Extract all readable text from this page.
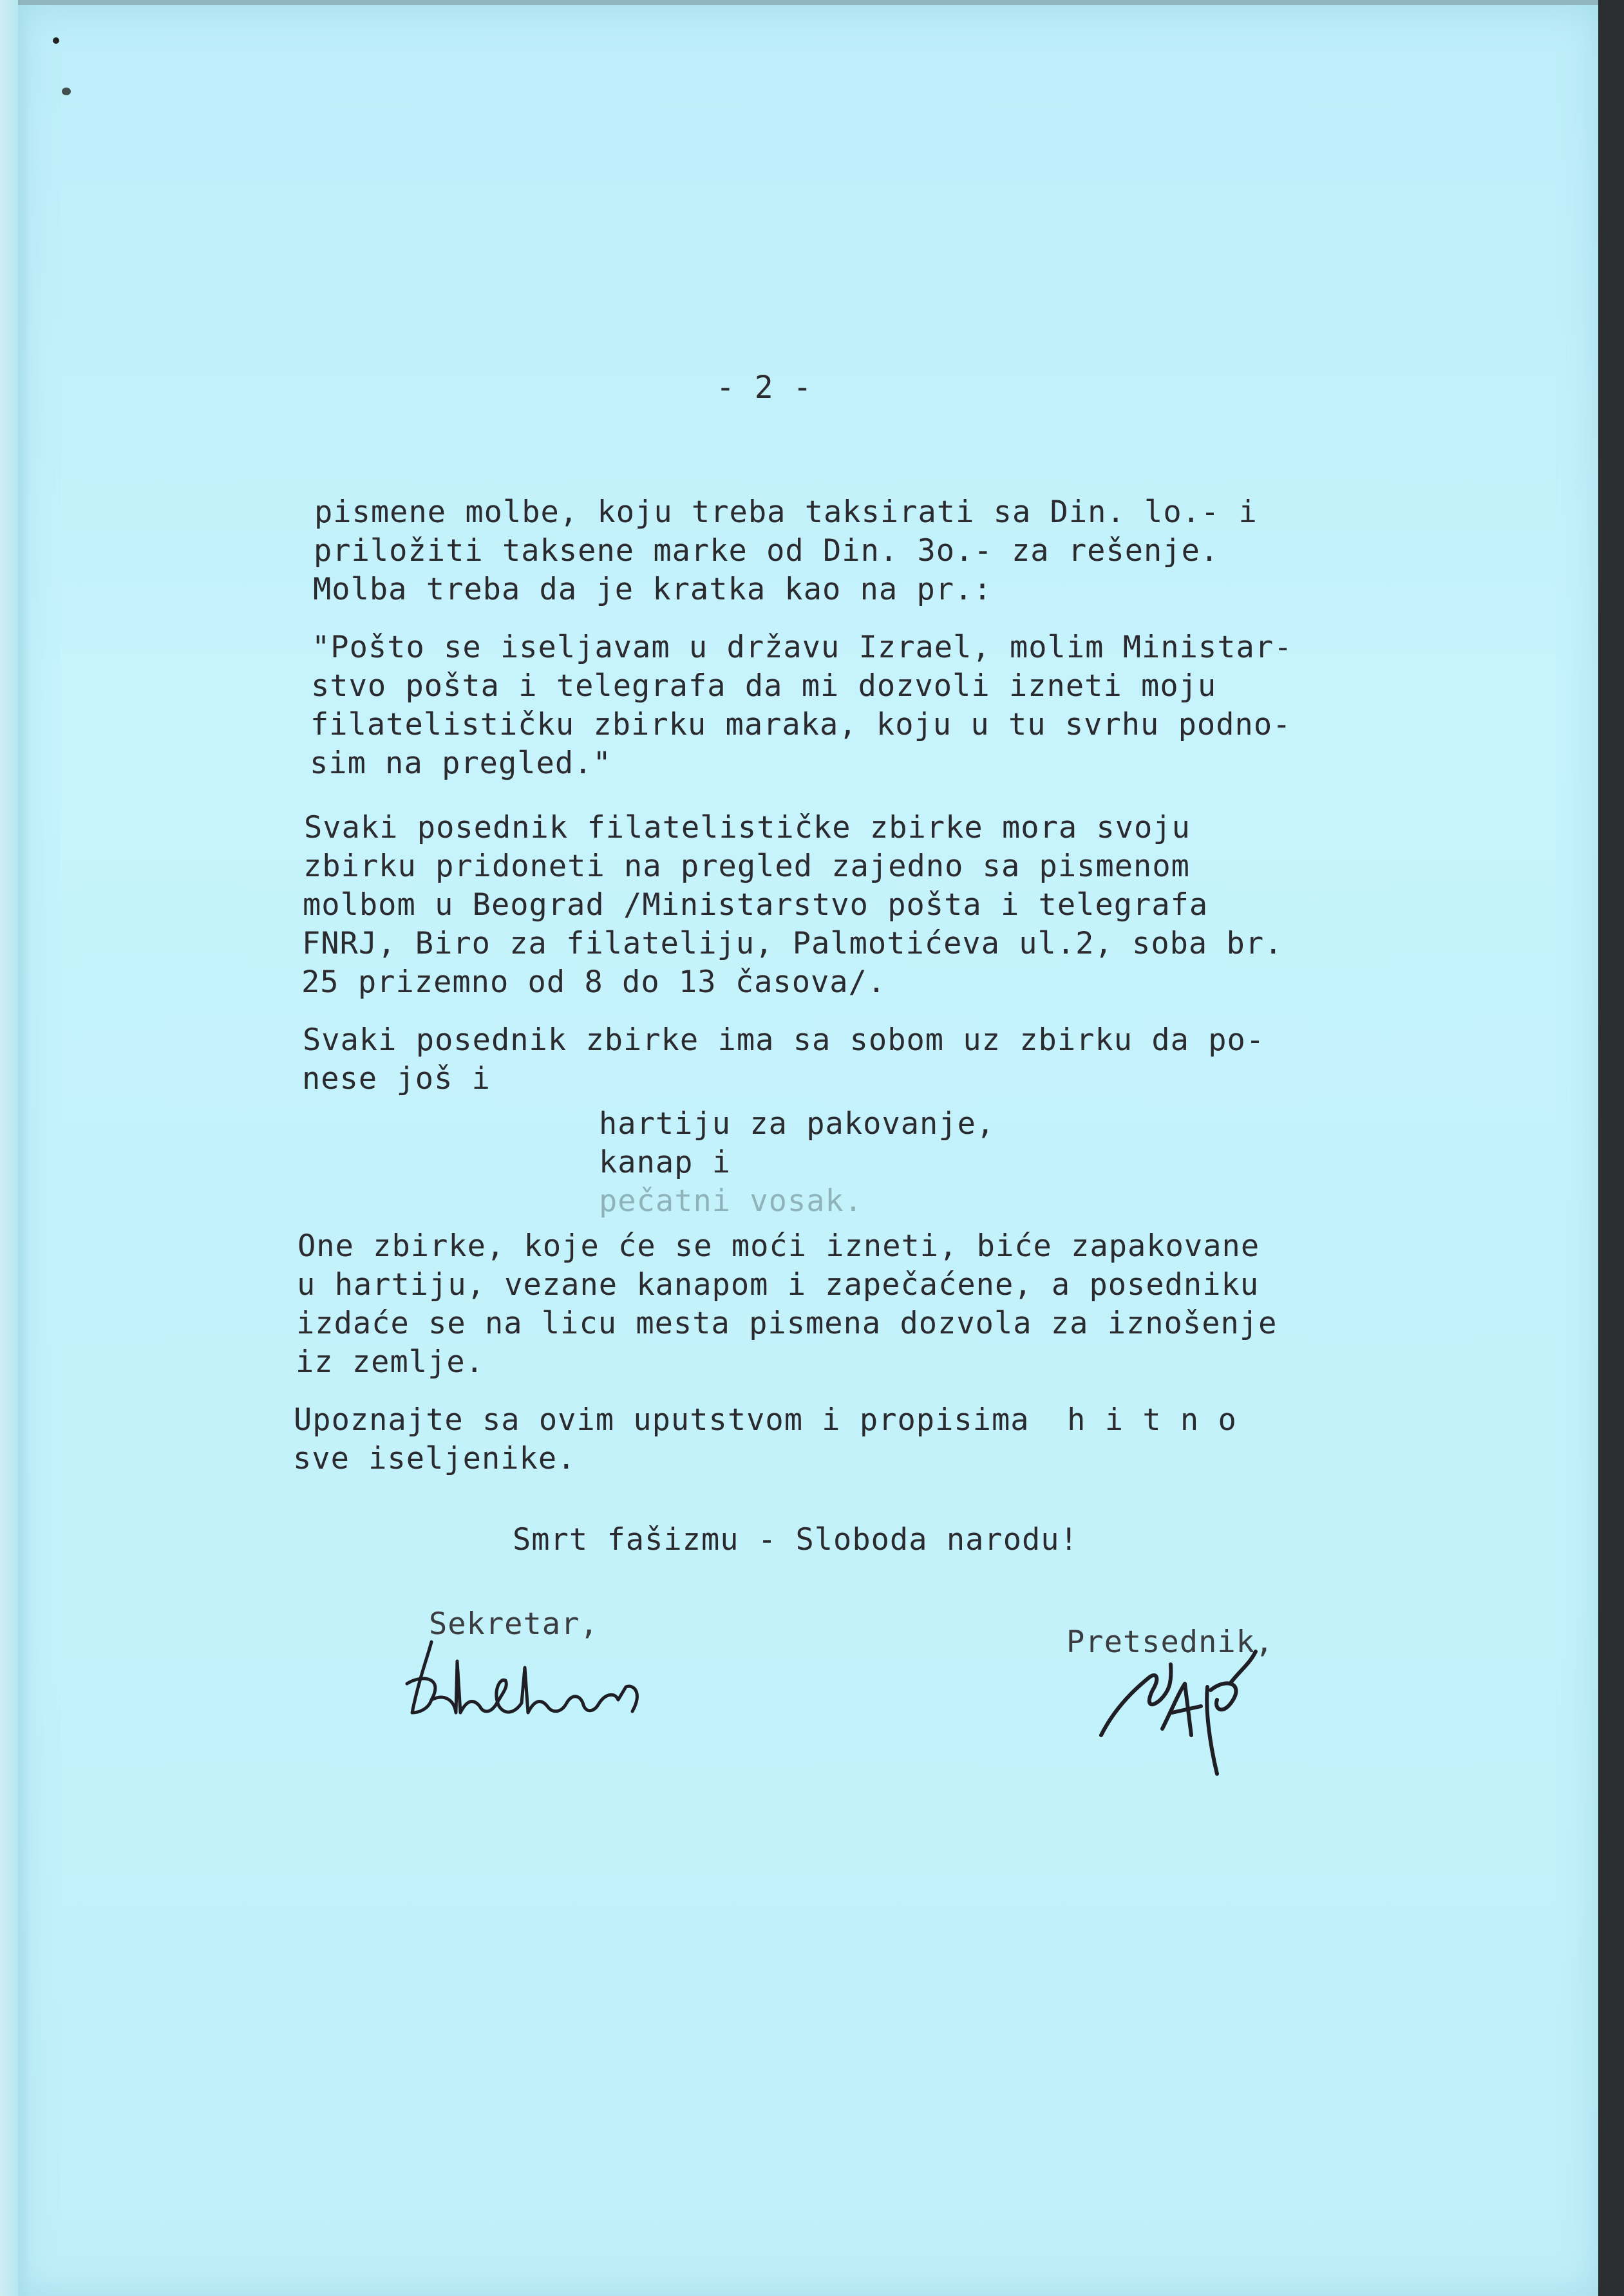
- 2 -
pismene molbe, koju treba taksirati sa Din. lo.- i
priložiti taksene marke od Din. 3o.- za rešenje.
Molba treba da je kratka kao na pr.:
"Pošto se iseljavam u državu Izrael, molim Ministar-
stvo pošta i telegrafa da mi dozvoli izneti moju
filatelističku zbirku maraka, koju u tu svrhu podno-
sim na pregled."
Svaki posednik filatelističke zbirke mora svoju
zbirku pridoneti na pregled zajedno sa pismenom
molbom u Beograd /Ministarstvo pošta i telegrafa
FNRJ, Biro za filateliju, Palmotićeva ul.2, soba br.
25 prizemno od 8 do 13 časova/.
Svaki posednik zbirke ima sa sobom uz zbirku da po-
nese još i
hartiju za pakovanje,
kanap i
pečatni vosak.
One zbirke, koje će se moći izneti, biće zapakovane
u hartiju, vezane kanapom i zapečaćene, a posedniku
izdaće se na licu mesta pismena dozvola za iznošenje
iz zemlje.
Upoznajte sa ovim uputstvom i propisima  h i t n o
sve iseljenike.
Smrt fašizmu - Sloboda narodu!
Sekretar,
Pretsednik,
